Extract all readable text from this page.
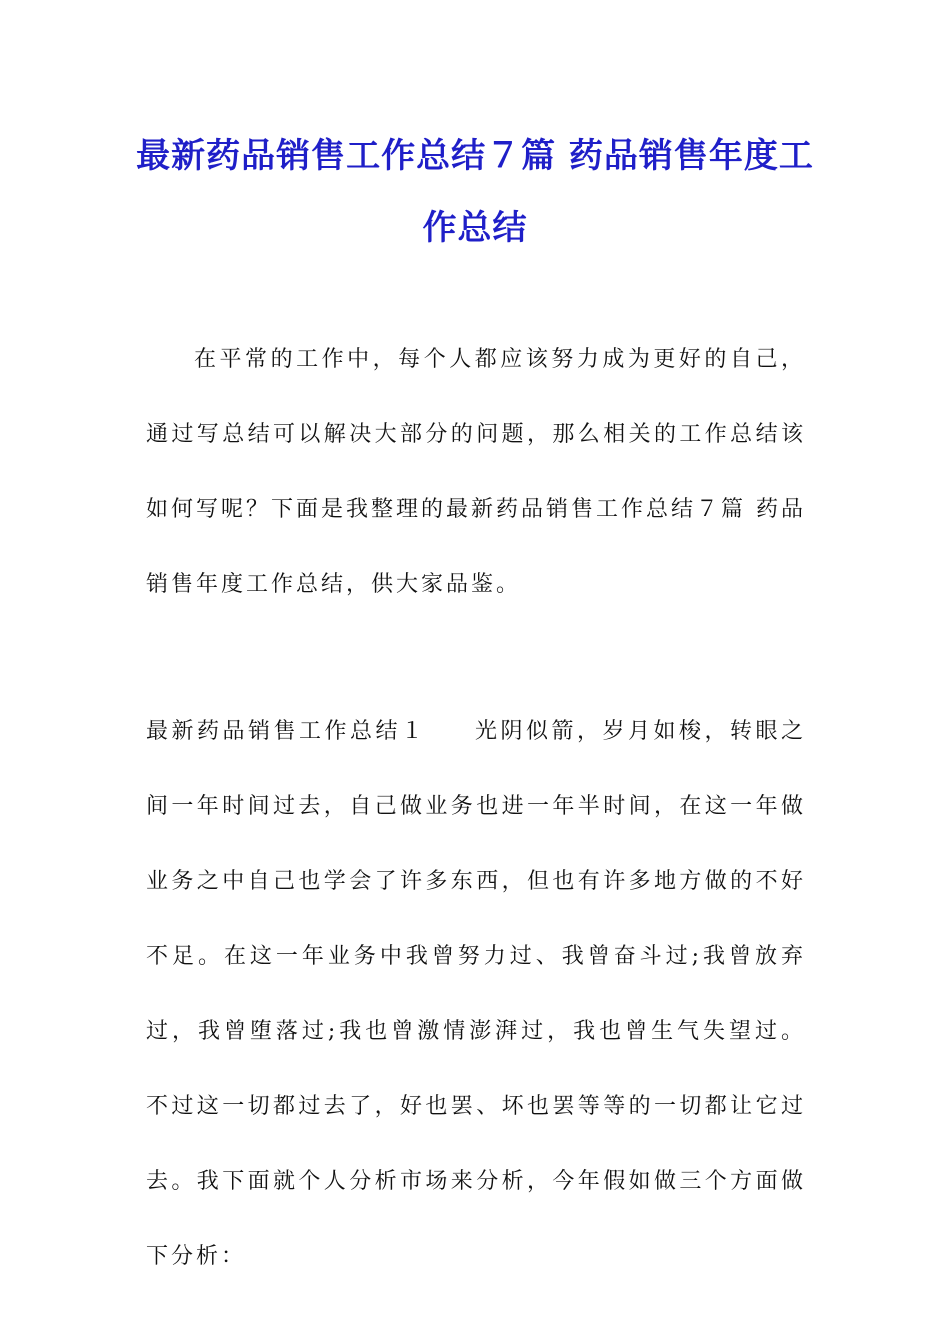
最新药品销售工作总结７篇 药品销售年度工作总结
在平常的工作中，每个人都应该努力成为更好的自己，通过写总结可以解决大部分的问题，那么相关的工作总结该如何写呢？下面是我整理的最新药品销售工作总结７篇 药品销售年度工作总结，供大家品鉴。
最新药品销售工作总结１ 光阴似箭，岁月如梭，转眼之间一年时间过去，自己做业务也进一年半时间，在这一年做业务之中自己也学会了许多东西，但也有许多地方做的不好不足。在这一年业务中我曾努力过、我曾奋斗过;我曾放弃过，我曾堕落过;我也曾激情澎湃过，我也曾生气失望过。不过这一切都过去了，好也罢、坏也罢等等的一切都让它过去。我下面就个人分析市场来分析，今年假如做三个方面做下分析：
